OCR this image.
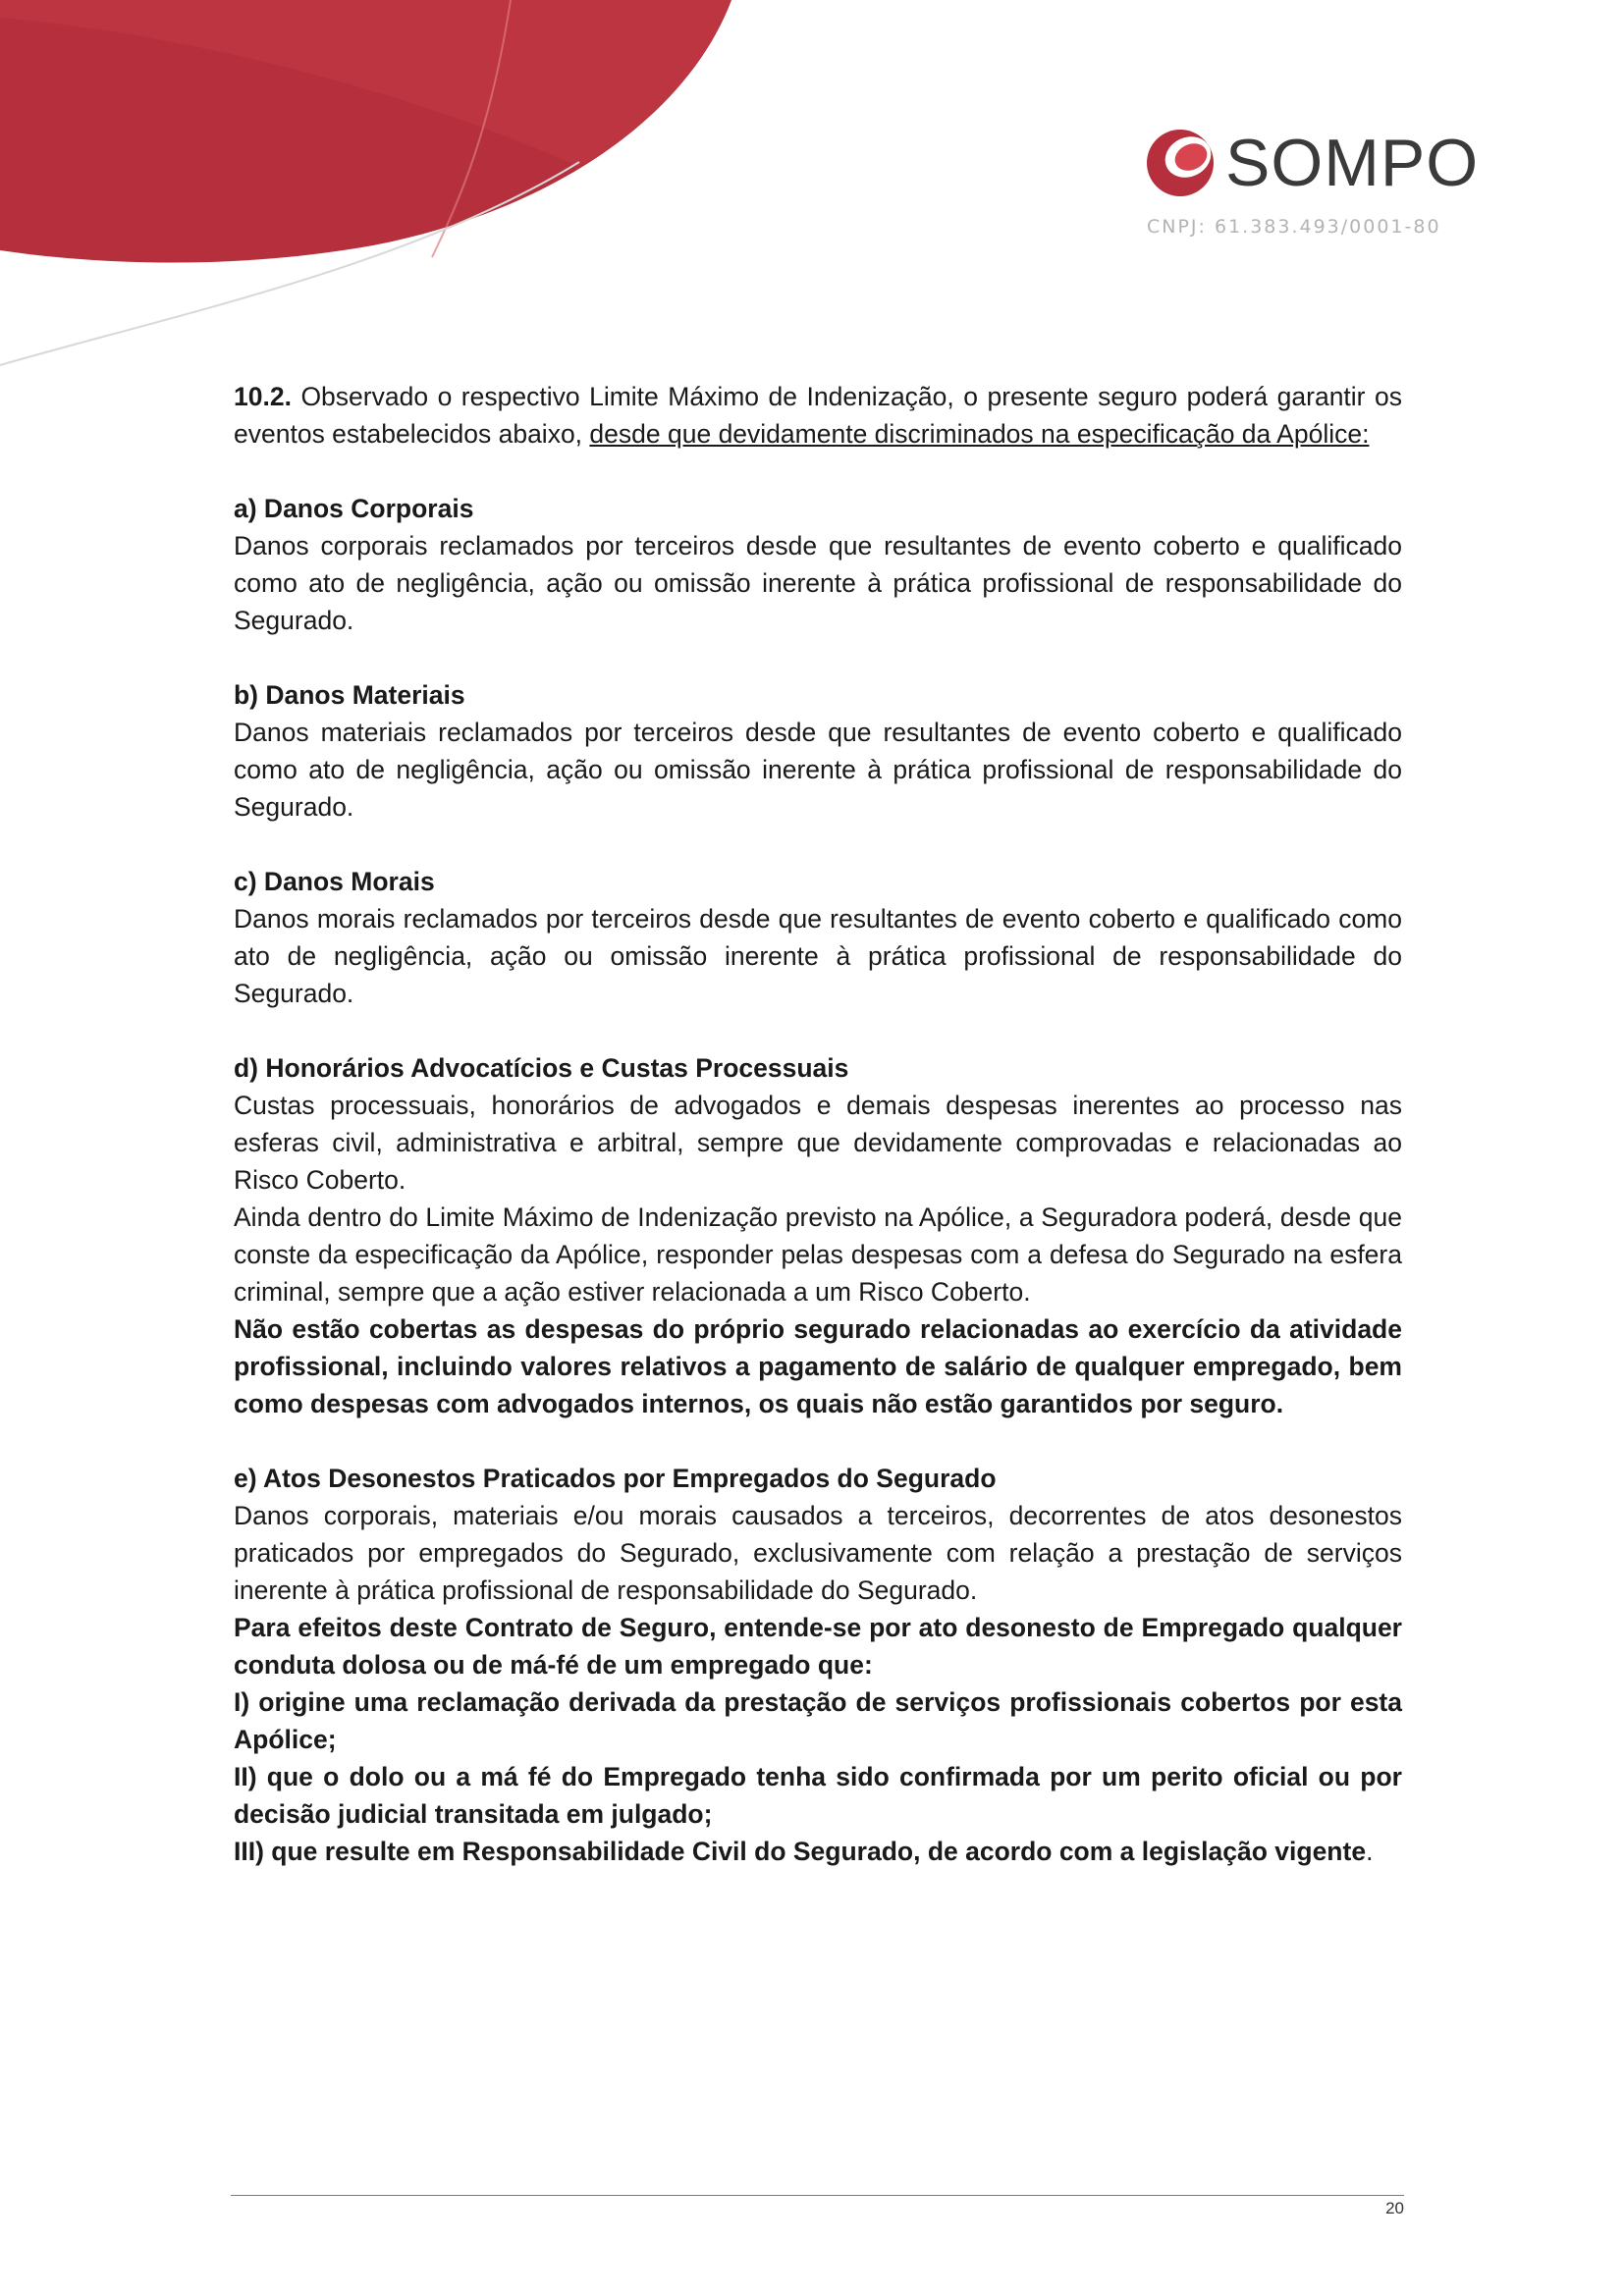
SOMPO
CNPJ: 61.383.493/0001-80

10.2. Observado o respectivo Limite Máximo de Indenização, o presente seguro poderá garantir os eventos estabelecidos abaixo, desde que devidamente discriminados na especificação da Apólice:

a) Danos Corporais

Danos corporais reclamados por terceiros desde que resultantes de evento coberto e qualificado como ato de negligência, ação ou omissão inerente à prática profissional de responsabilidade do Segurado.

b) Danos Materiais

Danos materiais reclamados por terceiros desde que resultantes de evento coberto e qualificado como ato de negligência, ação ou omissão inerente à prática profissional de responsabilidade do Segurado.

c) Danos Morais

Danos morais reclamados por terceiros desde que resultantes de evento coberto e qualificado como ato de negligência, ação ou omissão inerente à prática profissional de responsabilidade do Segurado.

d) Honorários Advocatícios e Custas Processuais

Custas processuais, honorários de advogados e demais despesas inerentes ao processo nas esferas civil, administrativa e arbitral, sempre que devidamente comprovadas e relacionadas ao Risco Coberto.

Ainda dentro do Limite Máximo de Indenização previsto na Apólice, a Seguradora poderá, desde que conste da especificação da Apólice, responder pelas despesas com a defesa do Segurado na esfera criminal, sempre que a ação estiver relacionada a um Risco Coberto.

Não estão cobertas as despesas do próprio segurado relacionadas ao exercício da atividade profissional, incluindo valores relativos a pagamento de salário de qualquer empregado, bem como despesas com advogados internos, os quais não estão garantidos por seguro.

e) Atos Desonestos Praticados por Empregados do Segurado

Danos corporais, materiais e/ou morais causados a terceiros, decorrentes de atos desonestos praticados por empregados do Segurado, exclusivamente com relação a prestação de serviços inerente à prática profissional de responsabilidade do Segurado.

Para efeitos deste Contrato de Seguro, entende-se por ato desonesto de Empregado qualquer conduta dolosa ou de má-fé de um empregado que:

I) origine uma reclamação derivada da prestação de serviços profissionais cobertos por esta Apólice;

II) que o dolo ou a má fé do Empregado tenha sido confirmada por um perito oficial ou por decisão judicial transitada em julgado;

III) que resulte em Responsabilidade Civil do Segurado, de acordo com a legislação vigente.

20
